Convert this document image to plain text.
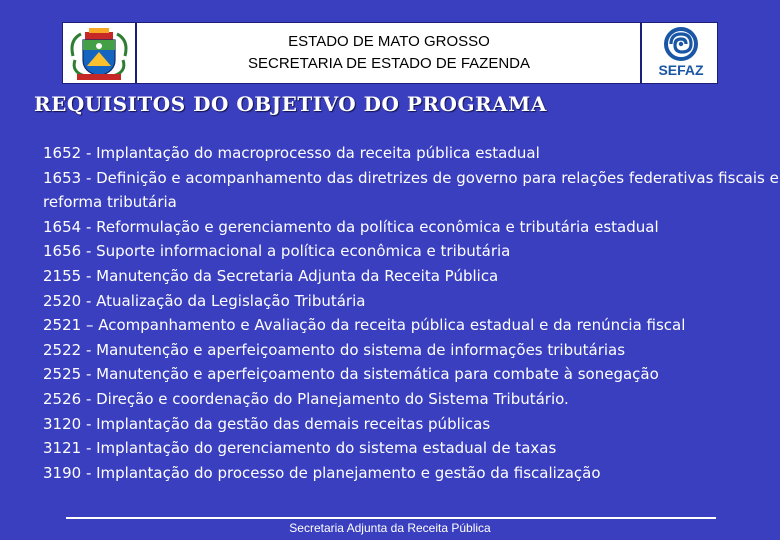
ESTADO DE MATO GROSSO
SECRETARIA DE ESTADO DE FAZENDA	SEFAZ
REQUISITOS DO OBJETIVO DO PROGRAMA
1652 - Implantação do macroprocesso da receita pública estadual
1653 - Definição e acompanhamento das diretrizes de governo para relações federativas fiscais e reforma tributária
1654 - Reformulação e gerenciamento da política econômica e tributária estadual
1656 - Suporte informacional a política econômica e tributária
2155 - Manutenção da Secretaria Adjunta da Receita Pública
2520 - Atualização da Legislação Tributária
2521 – Acompanhamento e Avaliação da receita pública estadual e da renúncia fiscal
2522 - Manutenção e aperfeiçoamento do sistema de informações tributárias
2525 - Manutenção e aperfeiçoamento da sistemática para combate à sonegação
2526 - Direção e coordenação do Planejamento do Sistema Tributário.
3120 - Implantação da gestão das demais receitas públicas
3121 - Implantação do gerenciamento do sistema estadual de taxas
3190 - Implantação do processo de planejamento e gestão da fiscalização
Secretaria Adjunta da Receita Pública
